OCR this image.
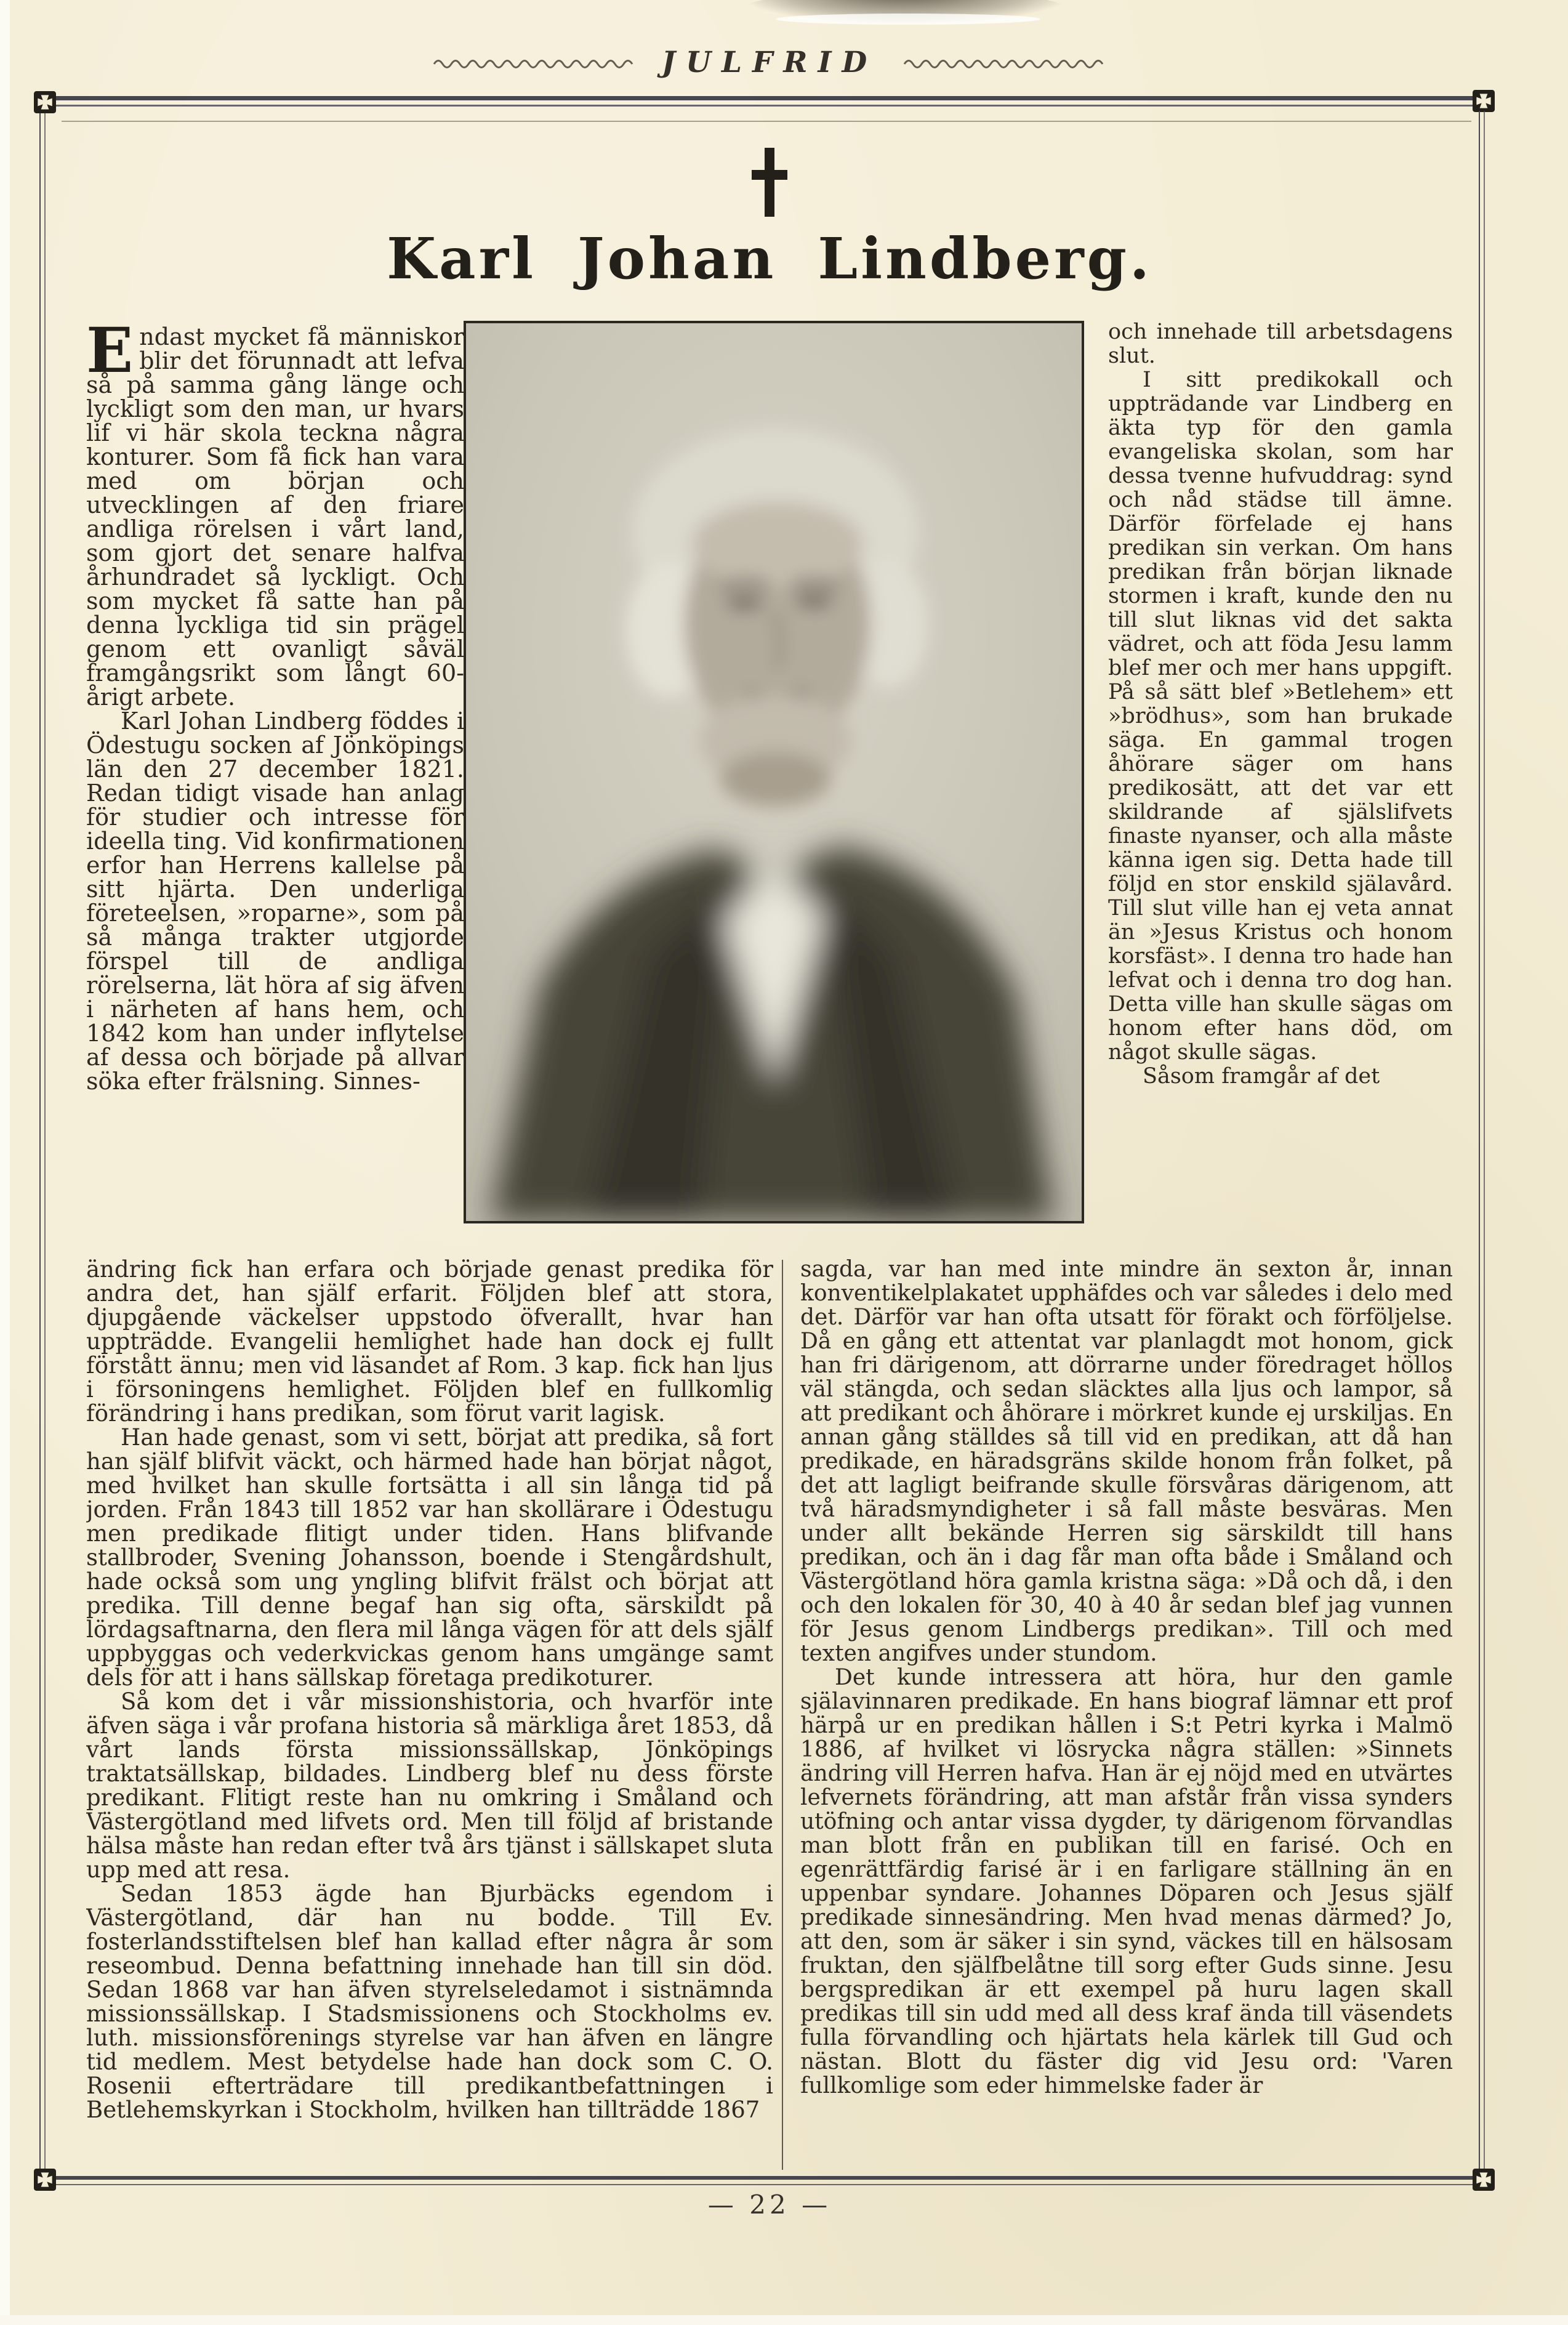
JULFRID
Karl Johan Lindberg.

Endast mycket få människor blir det förunnadt att lefva så på samma gång länge och lyckligt som den man, ur hvars lif vi här skola teckna några konturer. Som få fick han vara med om början och utvecklingen af den friare andliga rörelsen i vårt land, som gjort det senare halfva århundradet så lyckligt. Och som mycket få satte han på denna lyckliga tid sin prägel genom ett ovanligt såväl framgångsrikt som långt 60-årigt arbete.

Karl Johan Lindberg föddes i Ödestugu socken af Jönköpings län den 27 december 1821. Redan tidigt visade han anlag för studier och intresse för ideella ting. Vid konfirmationen erfor han Herrens kallelse på sitt hjärta. Den underliga företeelsen, »roparne», som på så många trakter utgjorde förspel till de andliga rörelserna, lät höra af sig äfven i närheten af hans hem, och 1842 kom han under inflytelse af dessa och började på allvar söka efter frälsning. Sinnes-

och innehade till arbetsdagens slut.

I sitt predikokall och uppträdande var Lindberg en äkta typ för den gamla evangeliska skolan, som har dessa tvenne hufvuddrag: synd och nåd städse till ämne. Därför förfelade ej hans predikan sin verkan. Om hans predikan från början liknade stormen i kraft, kunde den nu till slut liknas vid det sakta vädret, och att föda Jesu lamm blef mer och mer hans uppgift. På så sätt blef »Betlehem» ett »brödhus», som han brukade säga. En gammal trogen åhörare säger om hans predikosätt, att det var ett skildrande af själslifvets finaste nyanser, och alla måste känna igen sig. Detta hade till följd en stor enskild själavård. Till slut ville han ej veta annat än »Jesus Kristus och honom korsfäst». I denna tro hade han lefvat och i denna tro dog han. Detta ville han skulle sägas om honom efter hans död, om något skulle sägas.

Såsom framgår af det

ändring fick han erfara och började genast predika för andra det, han själf erfarit. Följden blef att stora, djupgående väckelser uppstodo öfverallt, hvar han uppträdde. Evangelii hemlighet hade han dock ej fullt förstått ännu; men vid läsandet af Rom. 3 kap. fick han ljus i försoningens hemlighet. Följden blef en fullkomlig förändring i hans predikan, som förut varit lagisk.

Han hade genast, som vi sett, börjat att predika, så fort han själf blifvit väckt, och härmed hade han börjat något, med hvilket han skulle fortsätta i all sin långa tid på jorden. Från 1843 till 1852 var han skollärare i Ödestugu men predikade flitigt under tiden. Hans blifvande stallbroder, Svening Johansson, boende i Stengårdshult, hade också som ung yngling blifvit frälst och börjat att predika. Till denne begaf han sig ofta, särskildt på lördagsaftnarna, den flera mil långa vägen för att dels själf uppbyggas och vederkvickas genom hans umgänge samt dels för att i hans sällskap företaga predikoturer.

Så kom det i vår missionshistoria, och hvarför inte äfven säga i vår profana historia så märkliga året 1853, då vårt lands första missionssällskap, Jönköpings traktatsällskap, bildades. Lindberg blef nu dess förste predikant. Flitigt reste han nu omkring i Småland och Västergötland med lifvets ord. Men till följd af bristande hälsa måste han redan efter två års tjänst i sällskapet sluta upp med att resa.

Sedan 1853 ägde han Bjurbäcks egendom i Västergötland, där han nu bodde. Till Ev. fosterlandsstiftelsen blef han kallad efter några år som reseombud. Denna befattning innehade han till sin död. Sedan 1868 var han äfven styrelseledamot i sistnämnda missionssällskap. I Stadsmissionens och Stockholms ev. luth. missionsförenings styrelse var han äfven en längre tid medlem. Mest betydelse hade han dock som C. O. Rosenii efterträdare till predikantbefattningen i Betlehemskyrkan i Stockholm, hvilken han tillträdde 1867

sagda, var han med inte mindre än sexton år, innan konventikelplakatet upphäfdes och var således i delo med det. Därför var han ofta utsatt för förakt och förföljelse. Då en gång ett attentat var planlagdt mot honom, gick han fri därigenom, att dörrarne under föredraget höllos väl stängda, och sedan släcktes alla ljus och lampor, så att predikant och åhörare i mörkret kunde ej urskiljas. En annan gång ställdes så till vid en predikan, att då han predikade, en häradsgräns skilde honom från folket, på det att lagligt beifrande skulle försvåras därigenom, att två häradsmyndigheter i så fall måste besväras. Men under allt bekände Herren sig särskildt till hans predikan, och än i dag får man ofta både i Småland och Västergötland höra gamla kristna säga: »Då och då, i den och den lokalen för 30, 40 à 40 år sedan blef jag vunnen för Jesus genom Lindbergs predikan». Till och med texten angifves under stundom.

Det kunde intressera att höra, hur den gamle själavinnaren predikade. En hans biograf lämnar ett prof härpå ur en predikan hållen i S:t Petri kyrka i Malmö 1886, af hvilket vi lösrycka några ställen: »Sinnets ändring vill Herren hafva. Han är ej nöjd med en utvärtes lefvernets förändring, att man afstår från vissa synders utöfning och antar vissa dygder, ty därigenom förvandlas man blott från en publikan till en farisé. Och en egenrättfärdig farisé är i en farligare ställning än en uppenbar syndare. Johannes Döparen och Jesus själf predikade sinnesändring. Men hvad menas därmed? Jo, att den, som är säker i sin synd, väckes till en hälsosam fruktan, den själfbelåtne till sorg efter Guds sinne. Jesu bergspredikan är ett exempel på huru lagen skall predikas till sin udd med all dess kraf ända till väsendets fulla förvandling och hjärtats hela kärlek till Gud och nästan. Blott du fäster dig vid Jesu ord: 'Varen fullkomlige som eder himmelske fader är

— 22 —
